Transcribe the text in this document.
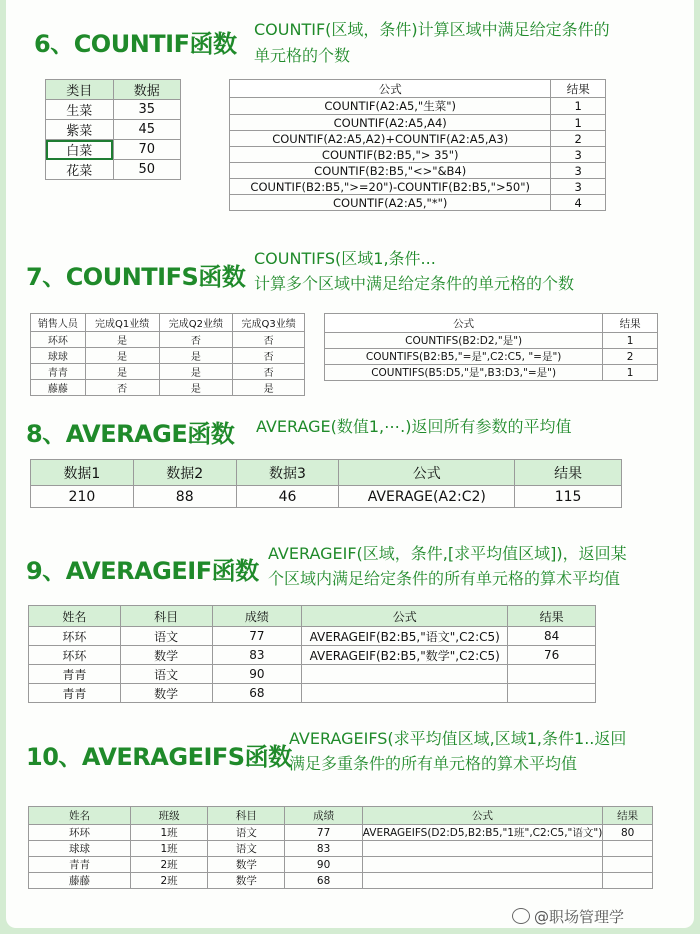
6、COUNTIF函数
COUNTIF(区域，条件)计算区域中满足给定条件的
单元格的个数
类目	数据
生菜	35
紫菜	45
白菜	70
花菜	50
公式	结果
COUNTIF(A2:A5,"生菜")	1
COUNTIF(A2:A5,A4)	1
COUNTIF(A2:A5,A2)+COUNTIF(A2:A5,A3)	2
COUNTIF(B2:B5,"> 35")	3
COUNTIF(B2:B5,"<>"&B4)	3
COUNTIF(B2:B5,">=20")-COUNTIF(B2:B5,">50")	3
COUNTIF(A2:A5,"*")	4
7、COUNTIFS函数
COUNTIFS(区域1,条件...
计算多个区域中满足给定条件的单元格的个数
销售人员	完成Q1业绩	完成Q2业绩	完成Q3业绩
环环	是	否	否
球球	是	是	否
青青	是	是	否
藤藤	否	是	是
公式	结果
COUNTIFS(B2:D2,"是")	1
COUNTIFS(B2:B5,"=是",C2:C5, "=是")	2
COUNTIFS(B5:D5,"是",B3:D3,"=是")	1
8、AVERAGE函数 AVERAGE(数值1,⋯.)返回所有参数的平均值
数据1	数据2	数据3	公式	结果
210	88	46	AVERAGE(A2:C2)	115
9、AVERAGEIF函数
AVERAGEIF(区域，条件,[求平均值区域])，返回某
个区域内满足给定条件的所有单元格的算术平均值
姓名	科目	成绩	公式	结果
环环	语文	77	AVERAGEIF(B2:B5,"语文",C2:C5)	84
环环	数学	83	AVERAGEIF(B2:B5,"数学",C2:C5)	76
青青	语文	90		
青青	数学	68		
10、AVERAGEIFS函数
AVERAGEIFS(求平均值区域,区域1,条件1..返回
满足多重条件的所有单元格的算术平均值
姓名	班级	科目	成绩	公式	结果
环环	1班	语文	77	AVERAGEIFS(D2:D5,B2:B5,"1班",C2:C5,"语文")	80
球球	1班	语文	83		
青青	2班	数学	90		
藤藤	2班	数学	68		
@职场管理学
